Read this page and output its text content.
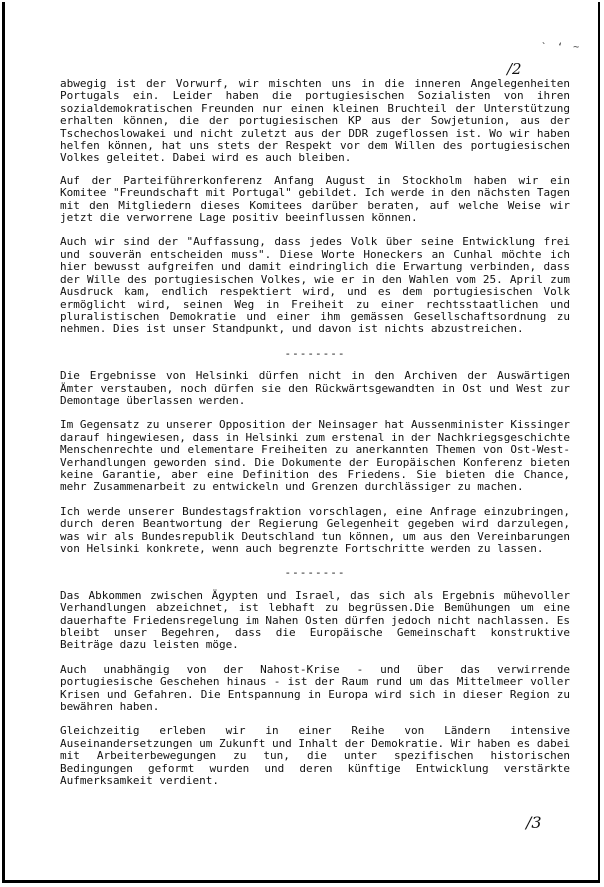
` ‘ ~
/2

abwegig ist der Vorwurf, wir mischten uns in die inneren Angelegenheiten Portugals ein. Leider haben die portugiesischen Sozialisten von ihren sozialdemokratischen Freunden nur einen kleinen Bruchteil der Unterstützung erhalten können, die der portugiesischen KP aus der Sowjetunion, aus der Tschechoslowakei und nicht zuletzt aus der DDR zugeflossen ist. Wo wir haben helfen können, hat uns stets der Respekt vor dem Willen des portugiesischen Volkes geleitet. Dabei wird es auch bleiben.

Auf der Parteiführerkonferenz Anfang August in Stockholm haben wir ein Komitee "Freundschaft mit Portugal" gebildet. Ich werde in den nächsten Tagen mit den Mitgliedern dieses Komitees darüber beraten, auf welche Weise wir jetzt die verworrene Lage positiv beeinflussen können.

Auch wir sind der "Auffassung, dass jedes Volk über seine Entwicklung frei und souverän entscheiden muss". Diese Worte Honeckers an Cunhal möchte ich hier bewusst aufgreifen und damit eindringlich die Erwartung verbinden, dass der Wille des portugiesischen Volkes, wie er in den Wahlen vom 25. April zum Ausdruck kam, endlich respektiert wird, und es dem portugiesischen Volk ermöglicht wird, seinen Weg in Freiheit zu einer rechtsstaatlichen und pluralistischen Demokratie und einer ihm gemässen Gesellschaftsordnung zu nehmen. Dies ist unser Standpunkt, und davon ist nichts abzustreichen.

--------

Die Ergebnisse von Helsinki dürfen nicht in den Archiven der Auswärtigen Ämter verstauben, noch dürfen sie den Rückwärtsgewandten in Ost und West zur Demontage überlassen werden.

Im Gegensatz zu unserer Opposition der Neinsager hat Aussenminister Kissinger darauf hingewiesen, dass in Helsinki zum erstenal in der Nachkriegsgeschichte Menschenrechte und elementare Freiheiten zu anerkannten Themen von Ost-West-Verhandlungen geworden sind. Die Dokumente der Europäischen Konferenz bieten keine Garantie, aber eine Definition des Friedens. Sie bieten die Chance, mehr Zusammenarbeit zu entwickeln und Grenzen durchlässiger zu machen.

Ich werde unserer Bundestagsfraktion vorschlagen, eine Anfrage einzubringen, durch deren Beantwortung der Regierung Gelegenheit gegeben wird darzulegen, was wir als Bundesrepublik Deutschland tun können, um aus den Vereinbarungen von Helsinki konkrete, wenn auch begrenzte Fortschritte werden zu lassen.

--------

Das Abkommen zwischen Ägypten und Israel, das sich als Ergebnis mühevoller Verhandlungen abzeichnet, ist lebhaft zu begrüssen.Die Bemühungen um eine dauerhafte Friedensregelung im Nahen Osten dürfen jedoch nicht nachlassen. Es bleibt unser Begehren, dass die Europäische Gemeinschaft konstruktive Beiträge dazu leisten möge.

Auch unabhängig von der Nahost-Krise - und über das verwirrende portugiesische Geschehen hinaus - ist der Raum rund um das Mittelmeer voller Krisen und Gefahren. Die Entspannung in Europa wird sich in dieser Region zu bewähren haben.

Gleichzeitig erleben wir in einer Reihe von Ländern intensive Auseinandersetzungen um Zukunft und Inhalt der Demokratie. Wir haben es dabei mit Arbeiterbewegungen zu tun, die unter spezifischen historischen Bedingungen geformt wurden und deren künftige Entwicklung verstärkte Aufmerksamkeit verdient.

/3
